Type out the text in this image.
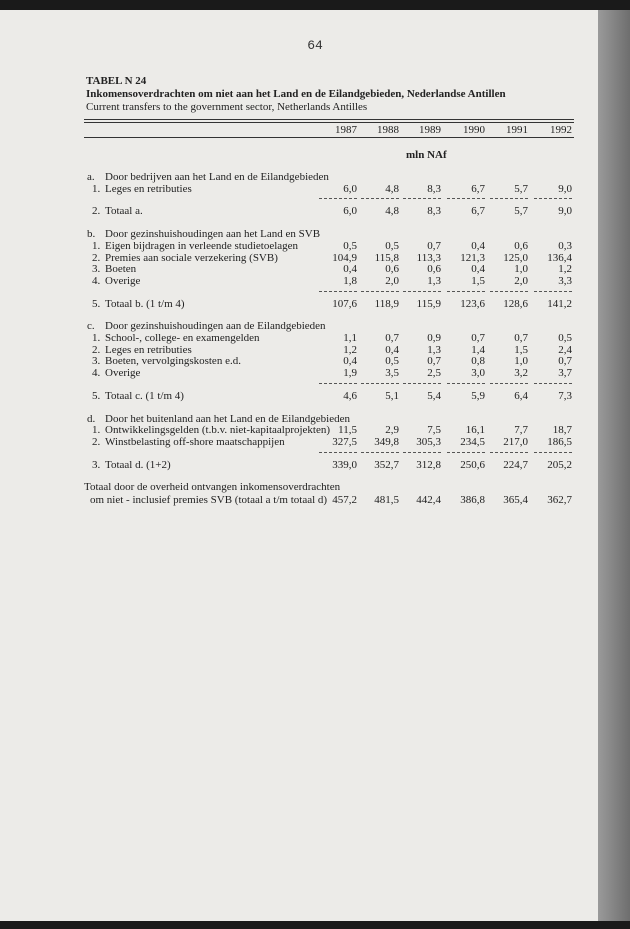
64
TABEL N 24
Inkomensoverdrachten om niet aan het Land en de Eilandgebieden, Nederlandse Antillen
Current transfers to the government sector, Netherlands Antilles
1987	1988	1989	1990	1991	1992
mln NAf
a. Door bedrijven aan het Land en de Eilandgebieden
1. Leges en retributies	6,0	4,8	8,3	6,7	5,7	9,0
2. Totaal a.	6,0	4,8	8,3	6,7	5,7	9,0
b. Door gezinshuishoudingen aan het Land en SVB
1. Eigen bijdragen in verleende studietoelagen	0,5	0,5	0,7	0,4	0,6	0,3
2. Premies aan sociale verzekering (SVB)	104,9	115,8	113,3	121,3	125,0	136,4
3. Boeten	0,4	0,6	0,6	0,4	1,0	1,2
4. Overige	1,8	2,0	1,3	1,5	2,0	3,3
5. Totaal b. (1 t/m 4)	107,6	118,9	115,9	123,6	128,6	141,2
c. Door gezinshuishoudingen aan de Eilandgebieden
1. School-, college- en examengelden	1,1	0,7	0,9	0,7	0,7	0,5
2. Leges en retributies	1,2	0,4	1,3	1,4	1,5	2,4
3. Boeten, vervolgingskosten e.d.	0,4	0,5	0,7	0,8	1,0	0,7
4. Overige	1,9	3,5	2,5	3,0	3,2	3,7
5. Totaal c. (1 t/m 4)	4,6	5,1	5,4	5,9	6,4	7,3
d. Door het buitenland aan het Land en de Eilandgebieden
1. Ontwikkelingsgelden (t.b.v. niet-kapitaalprojekten) 11,5	2,9	7,5	16,1	7,7	18,7
2. Winstbelasting off-shore maatschappijen	327,5	349,8	305,3	234,5	217,0	186,5
3. Totaal d. (1+2)	339,0	352,7	312,8	250,6	224,7	205,2
Totaal door de overheid ontvangen inkomensoverdrachten
om niet - inclusief premies SVB (totaal a t/m totaal d) 457,2	481,5	442,4	386,8	365,4	362,7
